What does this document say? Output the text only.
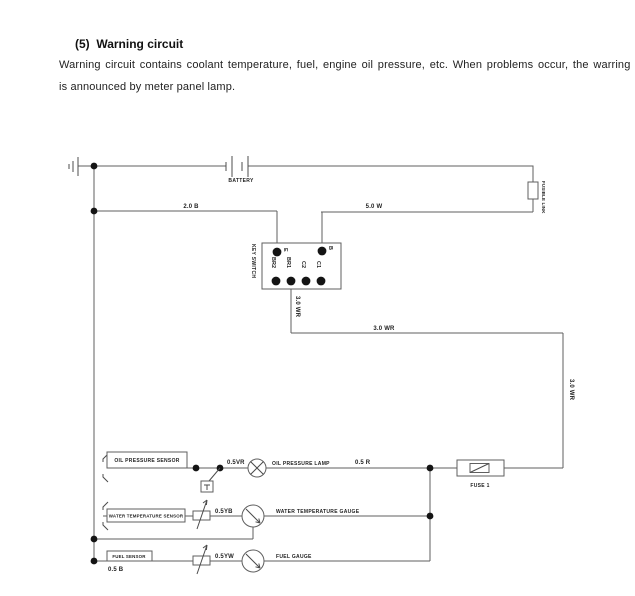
(5)  Warning circuit
Warning circuit contains coolant temperature, fuel, engine oil pressure, etc. When problems occur, the warring
is announced by meter panel lamp.
BATTERY	FUSIBLE LINK
2.0 B	5.0 W
KEY SWITCH	E	B
BR2 BR1 C2 C1
3.0 WR
3.0 WR
3.0 WR
OIL PRESSURE SENSOR	0.5VR	OIL PRESSURE LAMP	0.5 R
FUSE 1
WATER TEMPERATURE SENSOR
0.5YB	WATER TEMPERATURE GAUGE
FUEL SENSOR
0.5 B
0.5YW	FUEL GAUGE
